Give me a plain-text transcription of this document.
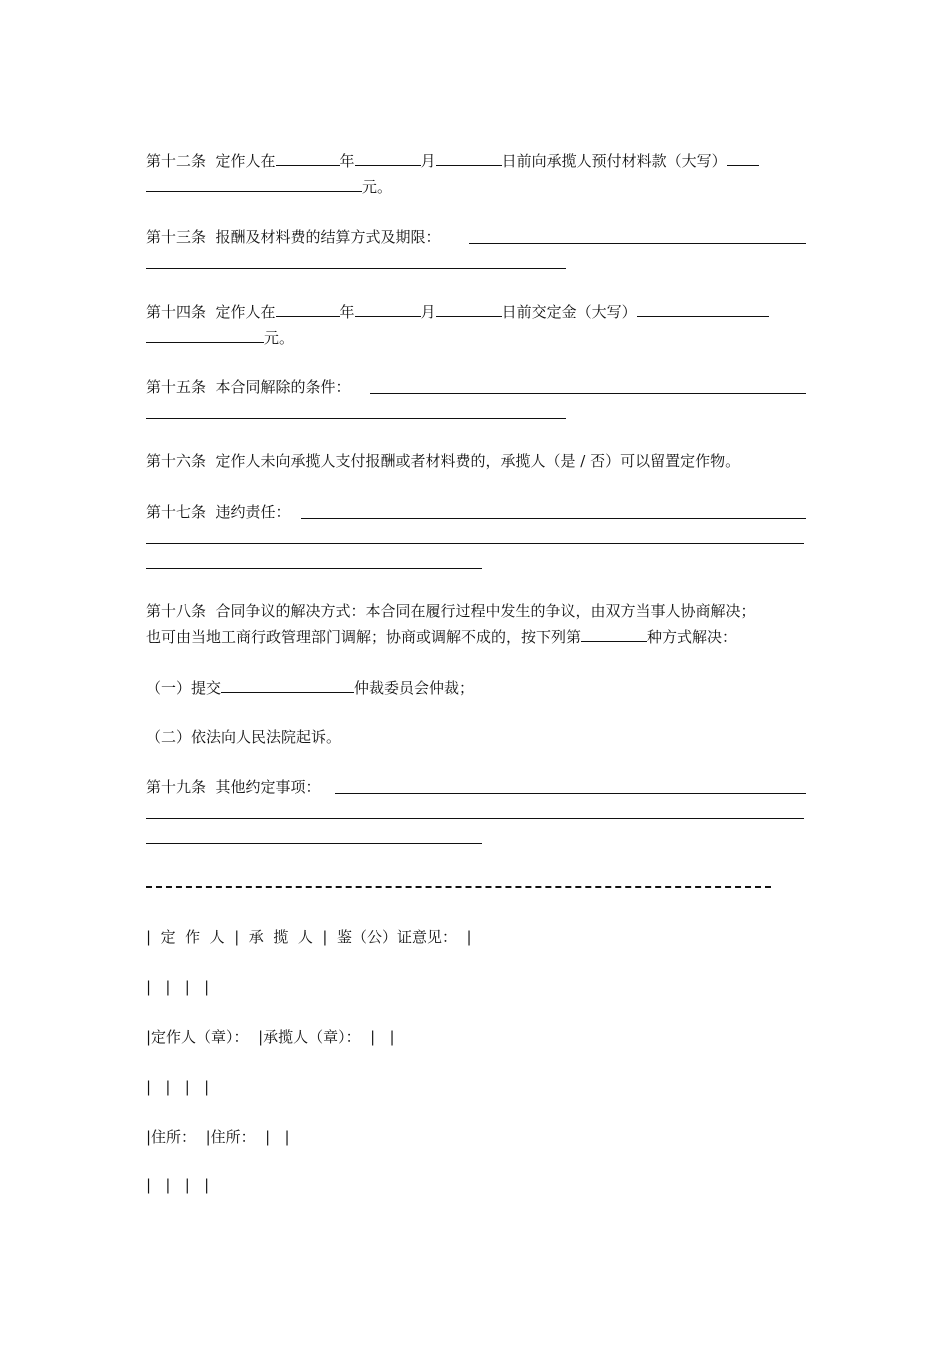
第十二条  定作人在	年	月	日前向承揽人预付材料款（大写）
元。
第十三条  报酬及材料费的结算方式及期限：
第十四条  定作人在	年	月	日前交定金（大写）
元。
第十五条  本合同解除的条件：
第十六条  定作人未向承揽人支付报酬或者材料费的，承揽人（是 / 否）可以留置定作物。
第十七条  违约责任：
第十八条  合同争议的解决方式：本合同在履行过程中发生的争议，由双方当事人协商解决；
也可由当地工商行政管理部门调解；协商或调解不成的，按下列第	种方式解决：
（一）提交	仲裁委员会仲裁；
（二）依法向人民法院起诉。
第十九条  其他约定事项：
|  定  作  人  |  承  揽  人  |  鉴（公）证意见：  |
|   |   |   |
|定作人（章）：  |承揽人（章）：  |   |
|   |   |   |
|住所：  |住所：  |   |
|   |   |   |
